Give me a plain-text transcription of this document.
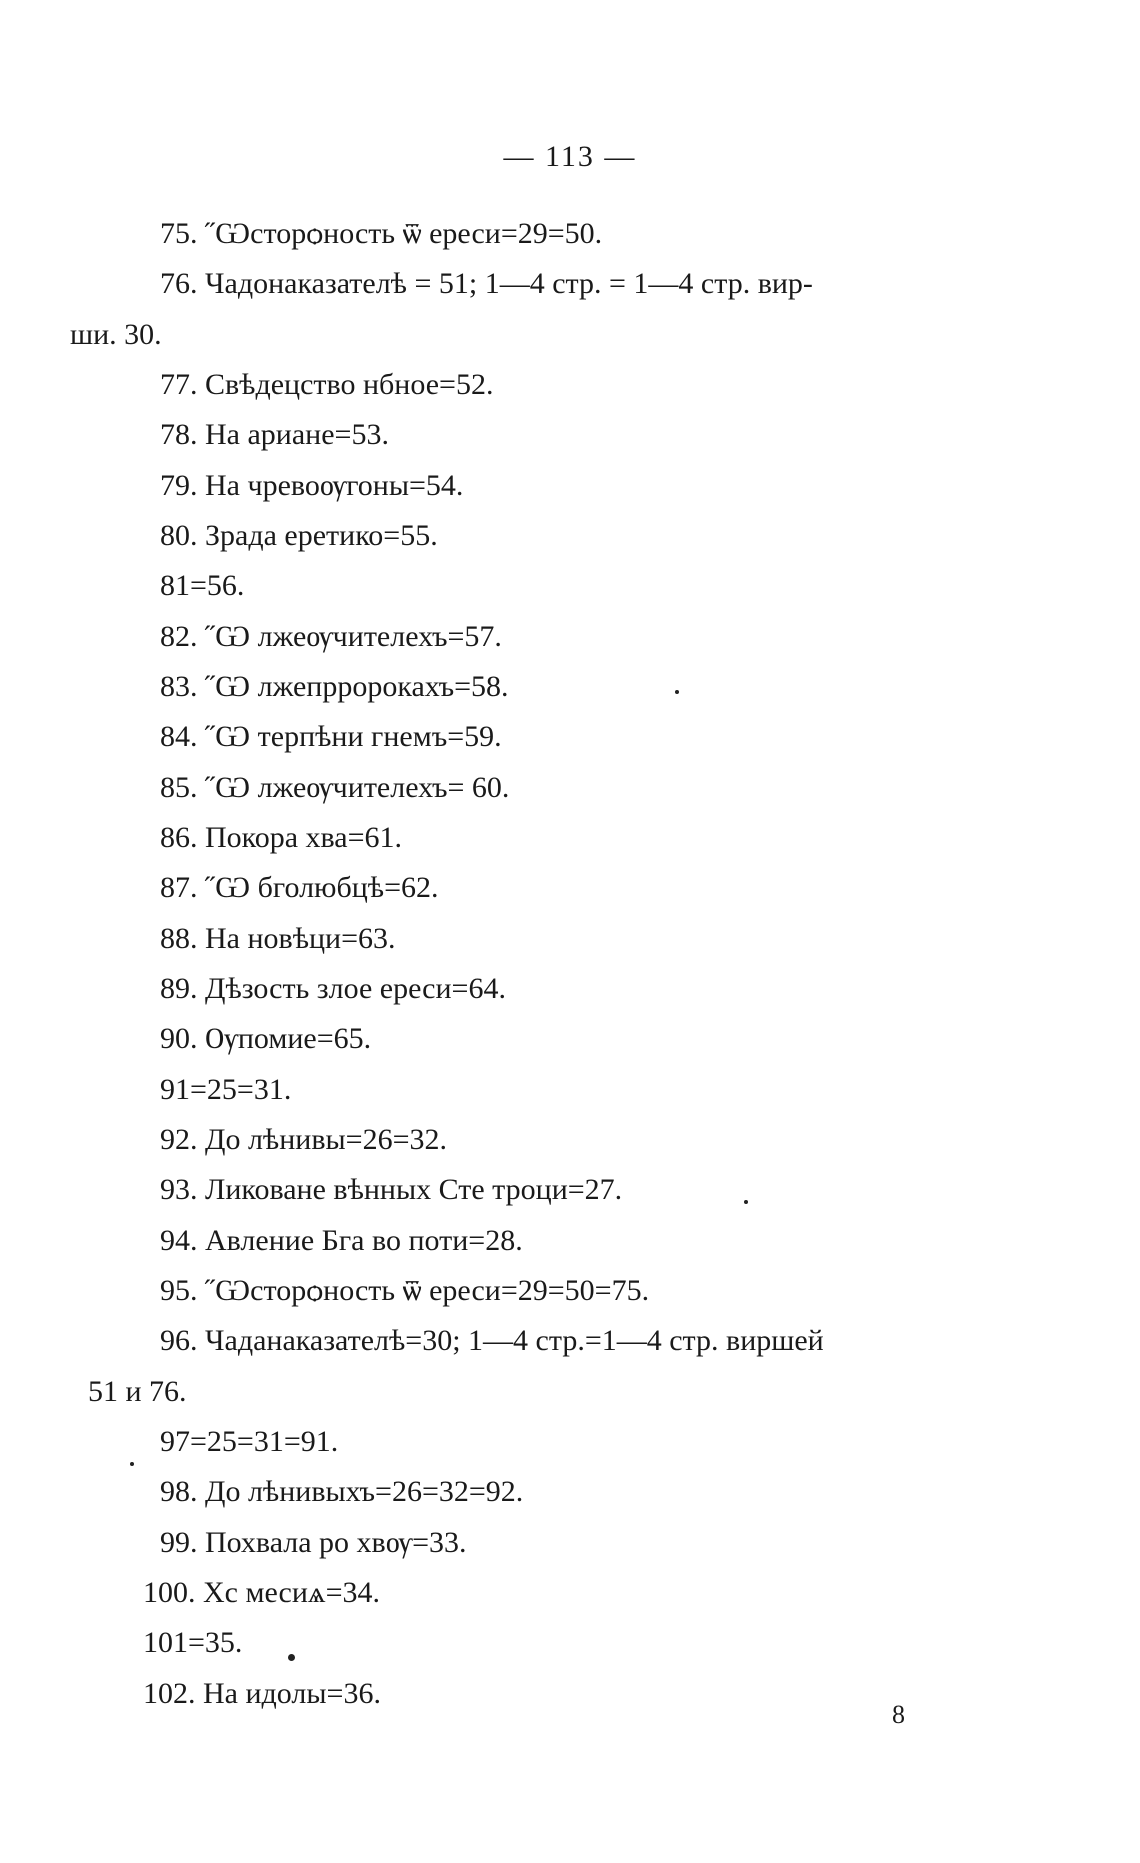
— 113 —
75. ˝Ѡсторѻность ѿ ереси=29=50.
76. Чадонаказателѣ = 51; 1—4 стр. = 1—4 стр. вир-
ши. 30.
77. Свѣдецство нбное=52.
78. На ариане=53.
79. На чревоѹгоны=54.
80. Зрада еретико=55.
81=56.
82. ˝Ѡ лжеѹчителехъ=57.
83. ˝Ѡ лжепрророкахъ=58.
84. ˝Ѡ терпѣни гнемъ=59.
85. ˝Ѡ лжеѹчителехъ= 60.
86. Покора хва=61.
87. ˝Ѡ бголюбцѣ=62.
88. На новѣци=63.
89. Дѣзость злое ереси=64.
90. Ѹпомие=65.
91=25=31.
92. До лѣнивы=26=32.
93. Ликоване вѣнных Сте троци=27.
94. Авление Бга во поти=28.
95. ˝Ѡсторѻность ѿ ереси=29=50=75.
96. Чаданаказателѣ=30; 1—4 стр.=1—4 стр. виршей
51 и 76.
97=25=31=91.
98. До лѣнивыхъ=26=32=92.
99. Похвала ро хвѹ=33.
100. Хс месиѧ=34.
101=35.
102. На идолы=36.
8
